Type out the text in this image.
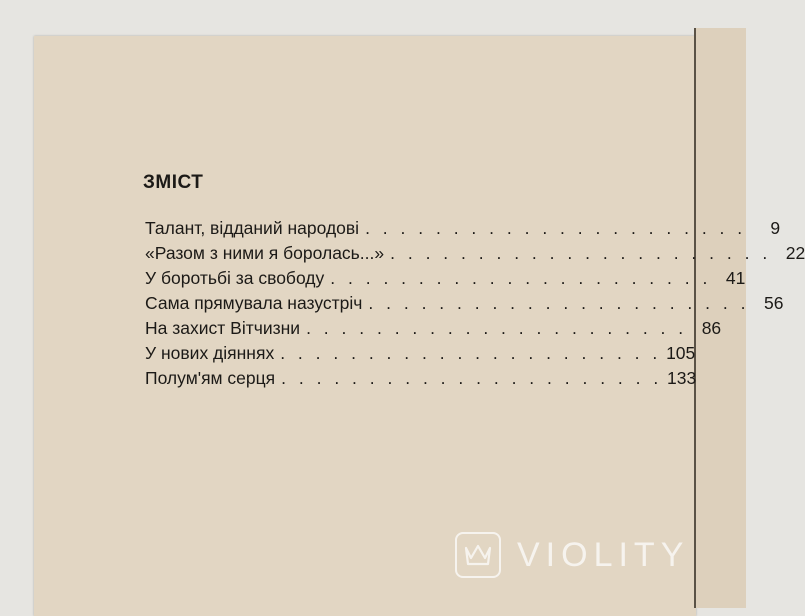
ЗМІСТ
Талант, відданий народові . . . . . . . . . . . . . . . . . . . . . .	9
«Разом з ними я боролась...» . . . . . . . . . . . . . . . . . . . . . . 22
У боротьбі за свободу . . . . . . . . . . . . . . . . . . . . . . 41
Сама прямувала назустріч . . . . . . . . . . . . . . . . . . . . . . 56
На захист Вітчизни . . . . . . . . . . . . . . . . . . . . . . 86
У нових діяннях . . . . . . . . . . . . . . . . . . . . . . 105
Полум'ям серця . . . . . . . . . . . . . . . . . . . . . . 133
VIOLITY
